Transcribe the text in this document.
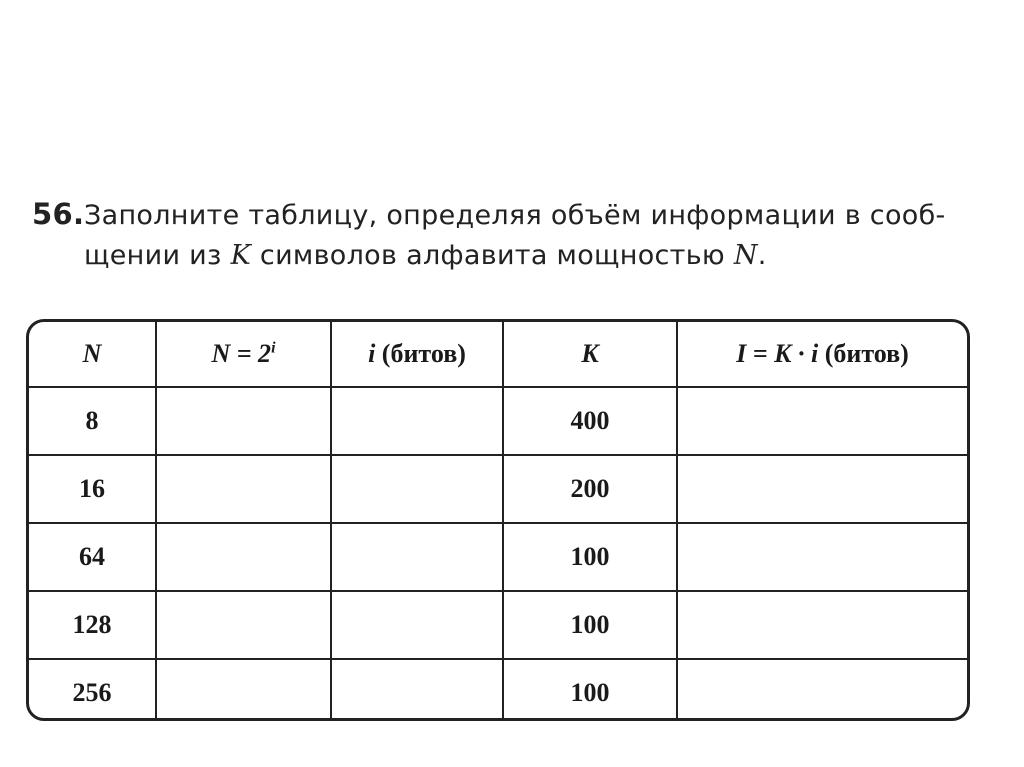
56.Заполните таблицу, определяя объём информации в сооб-
щении из K символов алфавита мощностью N.
N	$N = 2^i$	i (битов)	K	I = K · i (битов)
8			400	
16			200	
64			100	
128			100	
256			100	
